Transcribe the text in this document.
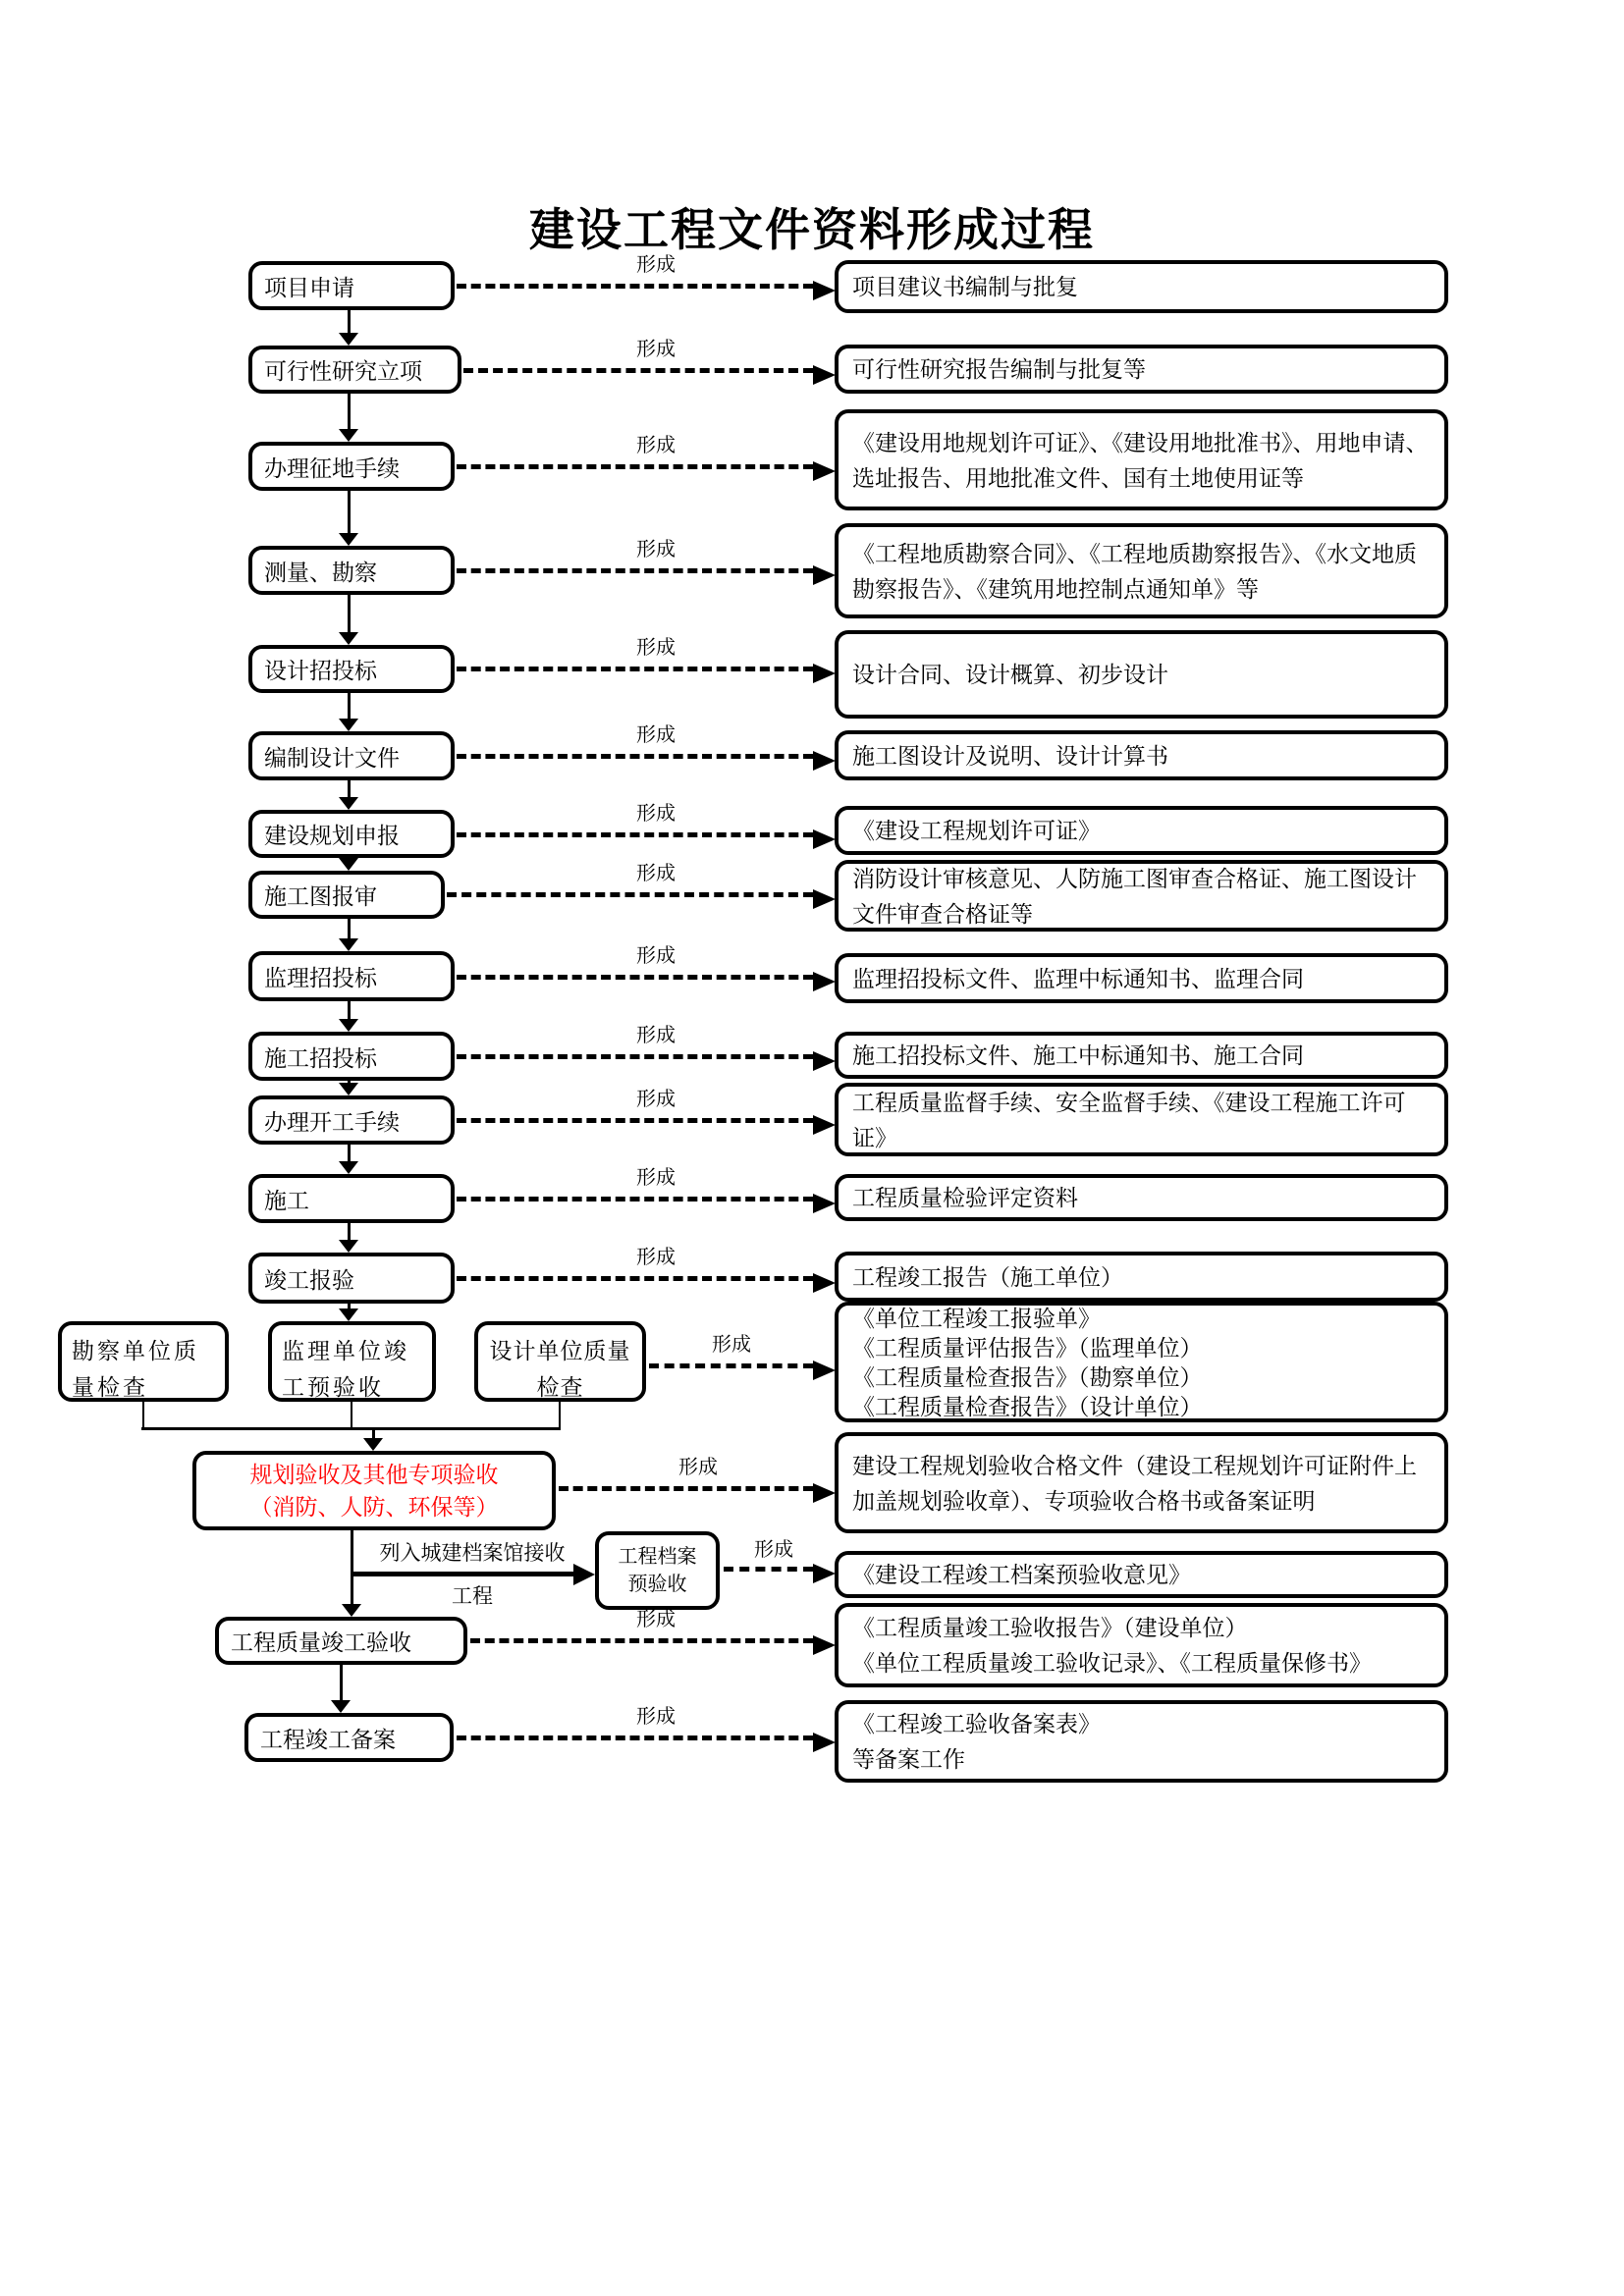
建设工程文件资料形成过程
项目申请
形成
项目建议书编制与批复
可行性研究立项
形成
可行性研究报告编制与批复等
办理征地手续
形成	《建设用地规划许可证》、《建设用地批准书》、用地申请、选址报告、用地批准文件、国有土地使用证等
测量、勘察
形成	《工程地质勘察合同》、《工程地质勘察报告》、《水文地质勘察报告》、《建筑用地控制点通知单》等
设计招投标
形成
设计合同、设计概算、初步设计
编制设计文件
形成
施工图设计及说明、设计计算书
建设规划申报
形成
《建设工程规划许可证》
施工图报审
形成	消防设计审核意见、人防施工图审查合格证、施工图设计文件审查合格证等
监理招投标
形成
监理招投标文件、监理中标通知书、监理合同
施工招投标
形成
施工招投标文件、施工中标通知书、施工合同
办理开工手续
形成	工程质量监督手续、安全监督手续、《建设工程施工许可证》
施工
形成
工程质量检验评定资料
竣工报验
形成
工程竣工报告（施工单位）
勘察单位质
量检查
监理单位竣
工预验收
设计单位质量
检查
形成
《单位工程竣工报验单》
《工程质量评估报告》（监理单位）
《工程质量检查报告》（勘察单位）
《工程质量检查报告》（设计单位）
规划验收及其他专项验收
（消防、人防、环保等）
形成	建设工程规划验收合格文件（建设工程规划许可证附件上加盖规划验收章）、专项验收合格书或备案证明
列入城建档案馆接收
工程
工程档案
预验收
形成
《建设工程竣工档案预验收意见》
工程质量竣工验收
形成	《工程质量竣工验收报告》（建设单位）
《单位工程质量竣工验收记录》、《工程质量保修书》
工程竣工备案
形成	《工程竣工验收备案表》
等备案工作
